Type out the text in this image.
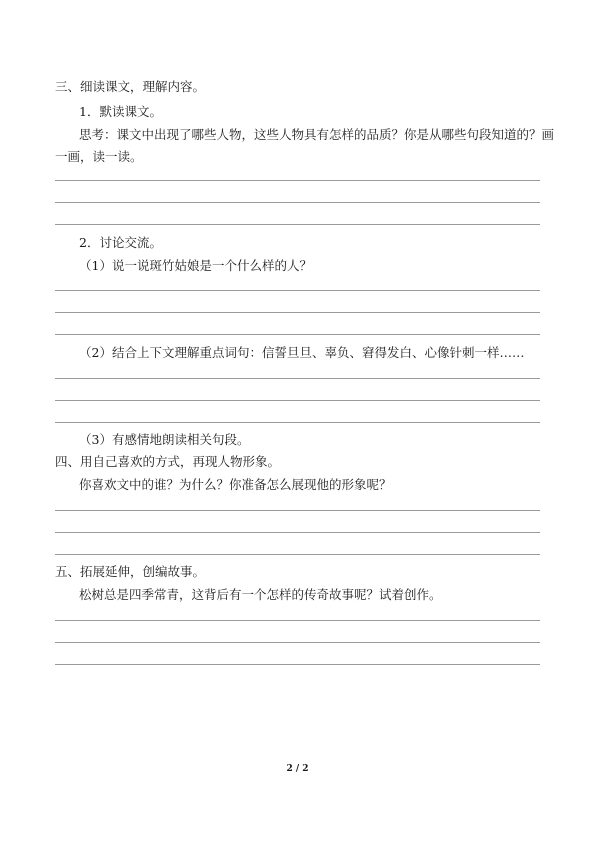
三、细读课文，理解内容。
1．默读课文。
思考：课文中出现了哪些人物，这些人物具有怎样的品质？你是从哪些句段知道的？画
一画，读一读。
2．讨论交流。
（1）说一说斑竹姑娘是一个什么样的人？
（2）结合上下文理解重点词句：信誓旦旦、辜负、窘得发白、心像针刺一样……
（3）有感情地朗读相关句段。
四、用自己喜欢的方式，再现人物形象。
你喜欢文中的谁？为什么？你准备怎么展现他的形象呢？
五、拓展延伸，创编故事。
松树总是四季常青，这背后有一个怎样的传奇故事呢？试着创作。
2 / 2
